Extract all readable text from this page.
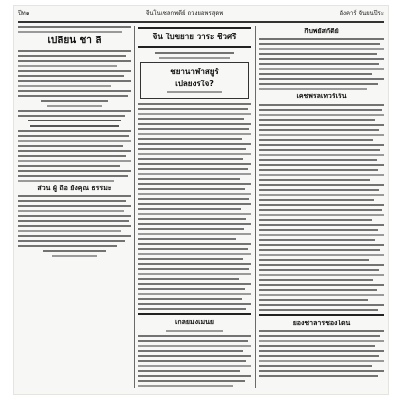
ปีท๑	จีนโนเซลกพดีย์ ถวงยอพรสุดพ	อังคาร์ จันยนปีระ
เปลี่ยน ชา ลี
ส่วน ผู้ ถือ ยังคุณ ธรรมะ
จีน ใบขยาย วาระ ชีวศรี
ชยานาฬาสยูร์
เปลยงรใจ?
เกลยมงเมนย
กีบพยัสกัติย์
เคชพรลเทวร์เร็น
ยองชาลารชองไดน
